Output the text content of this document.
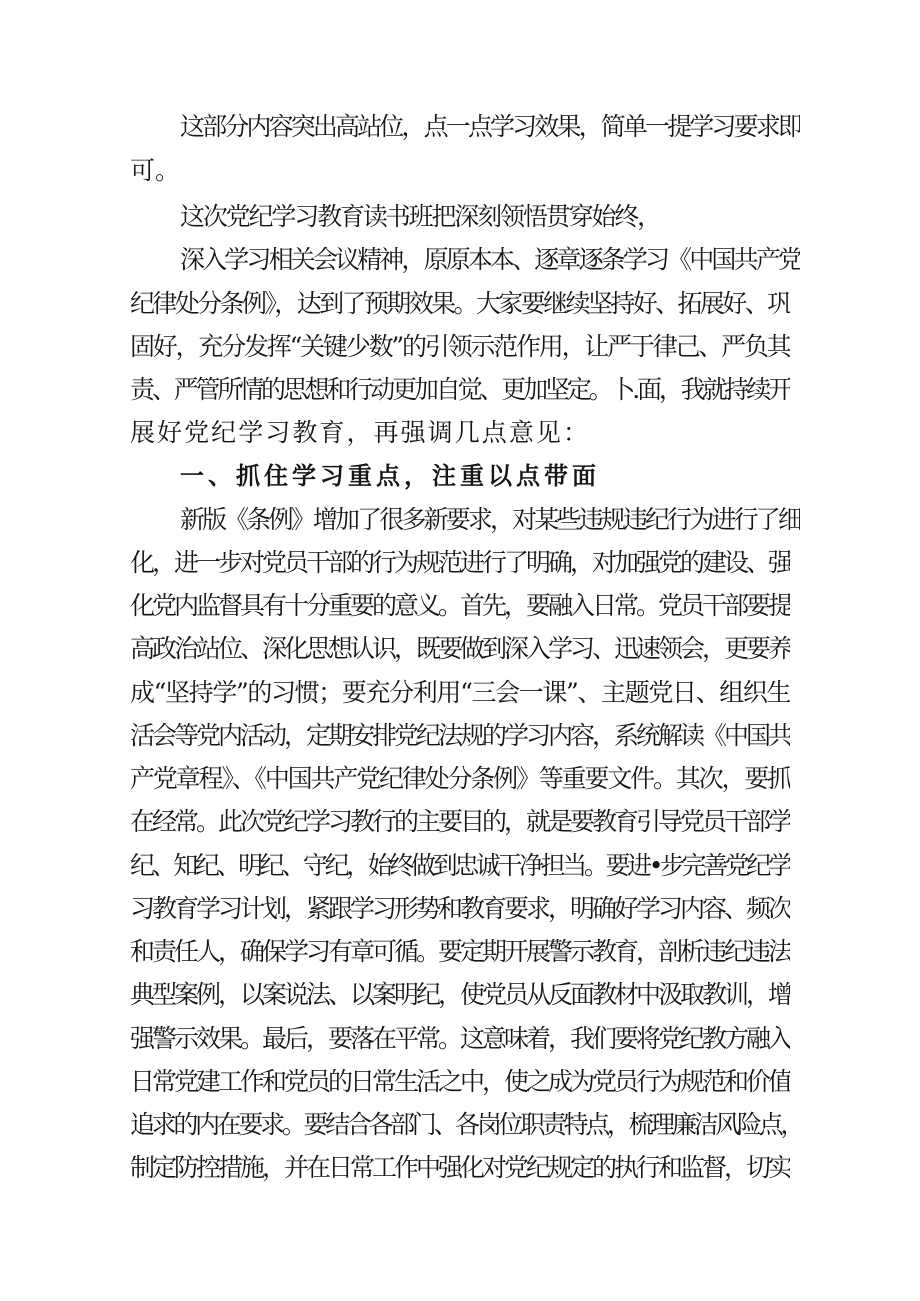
这部分内容突出高站位，点一点学习效果，简单一提学习要求即

可。

这次党纪学习教育读书班把深刻领悟贯穿始终，

深入学习相关会议精神，原原本本、逐章逐条学习《中国共产党

纪律处分条例》，达到了预期效果。大家要继续坚持好、拓展好、巩

固好，充分发挥“关键少数”的引领示范作用，让严于律己、严负其

责、严管所情的思想和行动更加自觉、更加坚定。卜.面，我就持续开

展好党纪学习教育，再强调几点意见：

一、抓住学习重点，注重以点带面

新版《条例》增加了很多新要求，对某些违规违纪行为进行了细

化，进一步对党员干部的行为规范进行了明确，对加强党的建设、强

化党内监督具有十分重要的意义。首先，要融入日常。党员干部要提

高政治站位、深化思想认识，既要做到深入学习、迅速领会，更要养

成“坚持学”的习惯；要充分利用“三会一课”、主题党日、组织生

活会等党内活动，定期安排党纪法规的学习内容，系统解读《中国共

产党章程》、《中国共产党纪律处分条例》等重要文件。其次，要抓

在经常。此次党纪学习教行的主要目的，就是要教育引导党员干部学

纪、知纪、明纪、守纪，始终做到忠诚干净担当。要进•步完善党纪学

习教育学习计划，紧跟学习形势和教育要求，明确好学习内容、频次

和责任人，确保学习有章可循。要定期开展警示教育，剖析违纪违法

典型案例，以案说法、以案明纪，使党员从反面教材中汲取教训，增

强警示效果。最后，要落在平常。这意味着，我们要将党纪教方融入

日常党建工作和党员的日常生活之中，使之成为党员行为规范和价值

追求的内在要求。要结合各部门、各岗位职责特点，梳理廉洁风险点，

制定防控措施，并在日常工作中强化对党纪规定的执行和监督，切实
